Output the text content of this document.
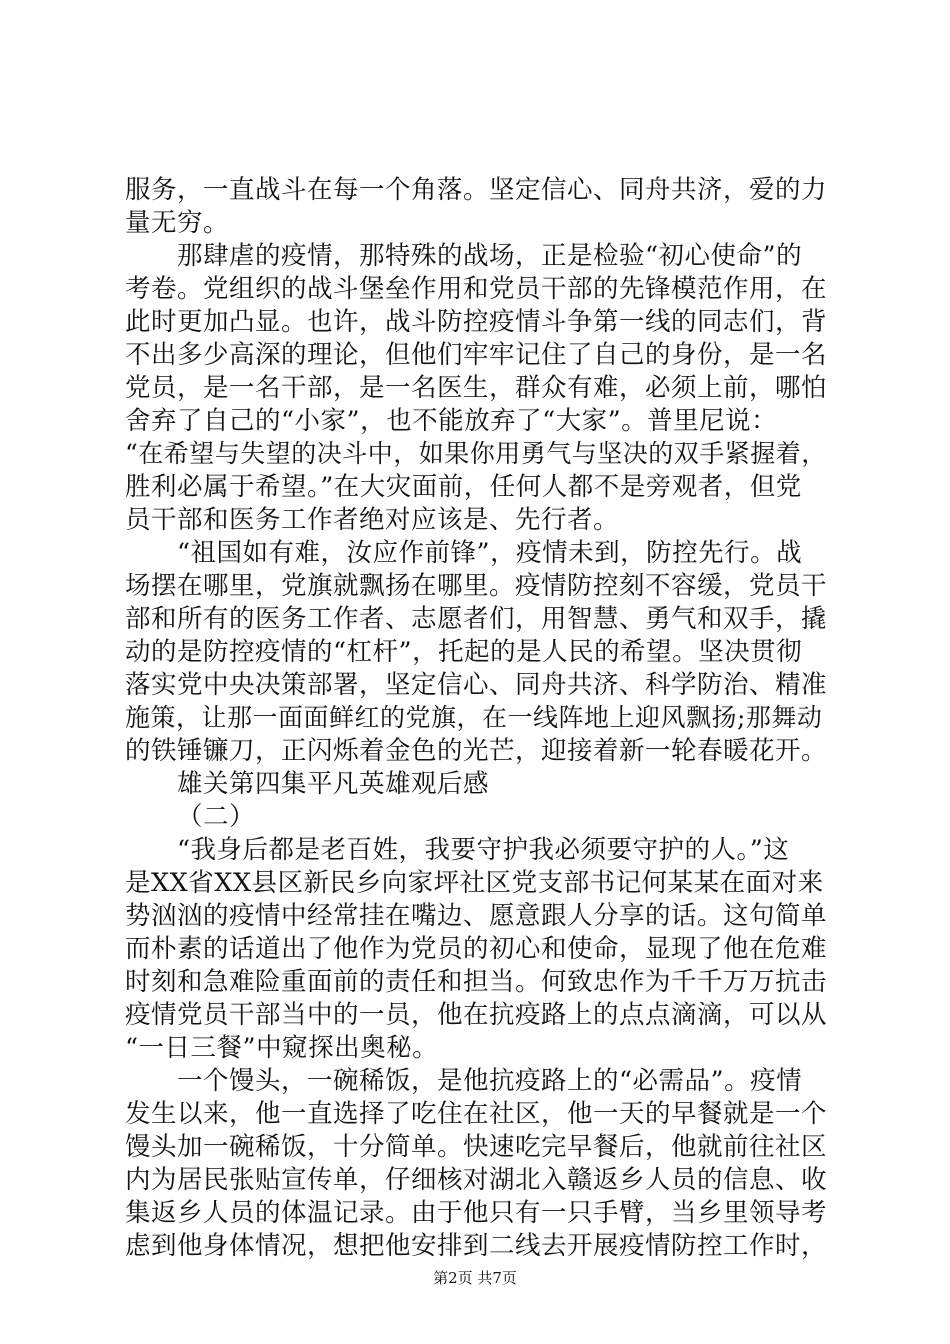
服务，一直战斗在每一个角落。坚定信心、同舟共济，爱的力

量无穷。

那肆虐的疫情，那特殊的战场，正是检验“初心使命”的

考卷。党组织的战斗堡垒作用和党员干部的先锋模范作用，在

此时更加凸显。也许，战斗防控疫情斗争第一线的同志们，背

不出多少高深的理论，但他们牢牢记住了自己的身份，是一名

党员，是一名干部，是一名医生，群众有难，必须上前，哪怕

舍弃了自己的“小家”，也不能放弃了“大家”。普里尼说：

“在希望与失望的决斗中，如果你用勇气与坚决的双手紧握着，

胜利必属于希望。”在大灾面前，任何人都不是旁观者，但党

员干部和医务工作者绝对应该是、先行者。

“祖国如有难，汝应作前锋”，疫情未到，防控先行。战

场摆在哪里，党旗就飘扬在哪里。疫情防控刻不容缓，党员干

部和所有的医务工作者、志愿者们，用智慧、勇气和双手，撬

动的是防控疫情的“杠杆”，托起的是人民的希望。坚决贯彻

落实党中央决策部署，坚定信心、同舟共济、科学防治、精准

施策，让那一面面鲜红的党旗，在一线阵地上迎风飘扬;那舞动

的铁锤镰刀，正闪烁着金色的光芒，迎接着新一轮春暖花开。

雄关第四集平凡英雄观后感

（二）

“我身后都是老百姓，我要守护我必须要守护的人。”这

是XX省XX县区新民乡向家坪社区党支部书记何某某在面对来

势汹汹的疫情中经常挂在嘴边、愿意跟人分享的话。这句简单

而朴素的话道出了他作为党员的初心和使命，显现了他在危难

时刻和急难险重面前的责任和担当。何致忠作为千千万万抗击

疫情党员干部当中的一员，他在抗疫路上的点点滴滴，可以从

“一日三餐”中窥探出奥秘。

一个馒头，一碗稀饭，是他抗疫路上的“必需品”。疫情

发生以来，他一直选择了吃住在社区，他一天的早餐就是一个

馒头加一碗稀饭，十分简单。快速吃完早餐后，他就前往社区

内为居民张贴宣传单，仔细核对湖北入赣返乡人员的信息、收

集返乡人员的体温记录。由于他只有一只手臂，当乡里领导考

虑到他身体情况，想把他安排到二线去开展疫情防控工作时，

第2页 共7页
